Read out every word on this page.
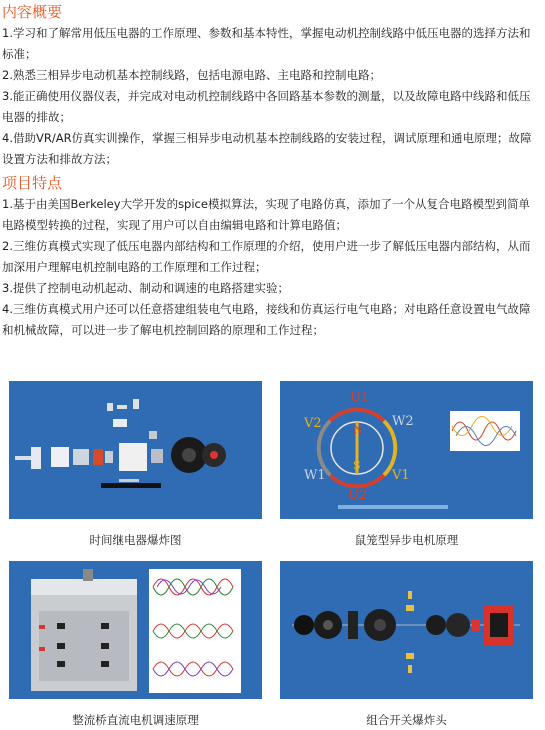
内容概要

1.学习和了解常用低压电器的工作原理、参数和基本特性，掌握电动机控制线路中低压电器的选择方法和标准；

2.熟悉三相异步电动机基本控制线路，包括电源电路、主电路和控制电路；

3.能正确使用仪器仪表，并完成对电动机控制线路中各回路基本参数的测量，以及故障电路中线路和低压电器的排故；

4.借助VR/AR仿真实训操作，掌握三相异步电动机基本控制线路的安装过程，调试原理和通电原理；故障设置方法和排故方法；

项目特点

1.基于由美国Berkeley大学开发的spice模拟算法，实现了电路仿真，添加了一个从复合电路模型到简单电路模型转换的过程，实现了用户可以自由编辑电路和计算电路值；

2.三维仿真模式实现了低压电器内部结构和工作原理的介绍，使用户进一步了解低压电器内部结构，从而加深用户理解电机控制电路的工作原理和工作过程；

3.提供了控制电动机起动、制动和调速的电路搭建实验；

4.三维仿真模式用户还可以任意搭建组装电气电路，接线和仿真运行电气电路；对电路任意设置电气故障和机械故障，可以进一步了解电机控制回路的原理和工作过程；

时间继电器爆炸图
U1
U2
V1
V2
W1
W2
N
S
鼠笼型异步电机原理
整流桥直流电机调速原理	组合开关爆炸头
